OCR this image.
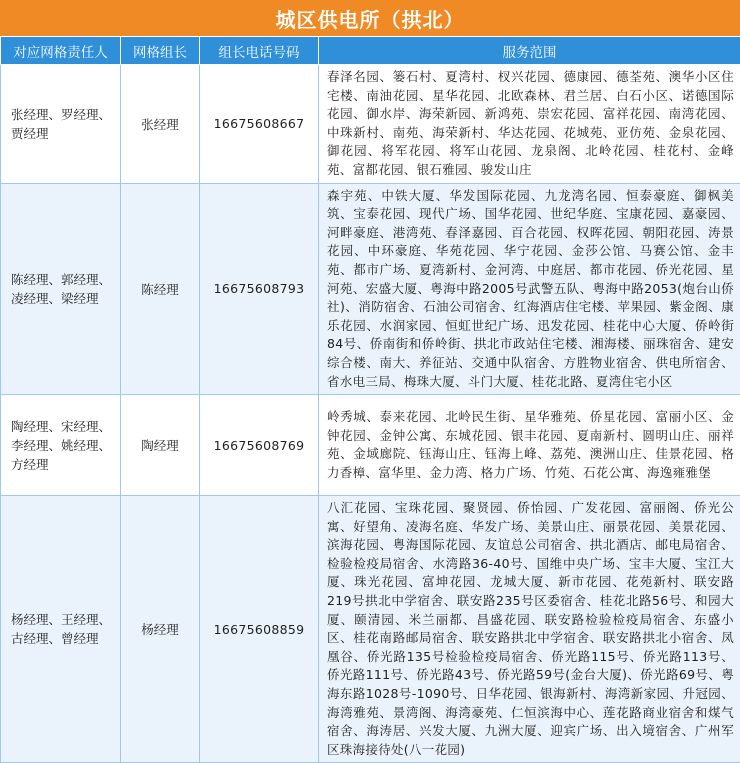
城区供电所（拱北）
对应网格责任人	网格组长	组长电话号码	服务范围

张经理、罗经理、
贾经理	张经理	16675608667	春泽名园、篓石村、夏湾村、杈兴花园、德康园、德荃苑、澳华小区住宅楼、南油花园、星华花园、北欧森林、君兰居、白石小区、诺德国际花园、御水岸、海荣新园、新鸿苑、崇宏花园、富祥花园、南湾花园、中珠新村、南苑、海荣新村、华达花园、花城苑、亚仿苑、金泉花园、御花园、将军花园、将军山花园、龙泉阁、北岭花园、桂花村、金峰苑、富都花园、银石雅园、骏发山庄

陈经理、郭经理、
凌经理、梁经理	陈经理	16675608793	森宇苑、中铁大厦、华发国际花园、九龙湾名园、恒泰豪庭、御枫美筑、宝泰花园、现代广场、国华花园、世纪华庭、宝康花园、嘉豪园、河畔豪庭、港湾苑、春泽嘉园、百合花园、权晖花园、朝阳花园、涛景花园、中环豪庭、华苑花园、华宁花园、金莎公馆、马赛公馆、金丰苑、都市广场、夏湾新村、金河湾、中庭居、都市花园、侨光花园、星河苑、宏盛大厦、粤海中路2005号武警五队、粤海中路2053(炮台山侨社)、消防宿舍、石油公司宿舍、红海酒店住宅楼、苹果园、紫金阁、康乐花园、水润家园、恒虹世纪广场、迅发花园、桂花中心大厦、侨岭街84号、侨南街和侨岭街、拱北市政站住宅楼、湘海楼、丽珠宿舍、建安综合楼、南大、养征站、交通中队宿舍、方胜物业宿舍、供电所宿舍、省水电三局、梅珠大厦、斗门大厦、桂花北路、夏湾住宅小区

陶经理、宋经理、
李经理、姚经理、
方经理	陶经理	16675608769	岭秀城、泰来花园、北岭民生街、星华雅苑、侨星花园、富丽小区、金钟花园、金钟公寓、东城花园、银丰花园、夏南新村、圆明山庄、丽祥苑、金域廊院、钰海山庄、钰海上峰、荔苑、澳洲山庄、佳景花园、格力香樟、富华里、金力湾、格力广场、竹苑、石花公寓、海逸雍雅堡

杨经理、王经理、
古经理、曾经理	杨经理	16675608859	八汇花园、宝珠花园、聚贤园、侨怡园、广发花园、富丽阁、侨光公寓、好望角、凌海名庭、华发广场、美景山庄、丽景花园、美景花园、滨海花园、粤海国际花园、友谊总公司宿舍、拱北酒店、邮电局宿舍、检验检疫局宿舍、水湾路36-40号、国维中央广场、宝丰大厦、宝江大厦、珠光花园、富坤花园、龙城大厦、新市花园、花苑新村、联安路219号拱北中学宿舍、联安路235号区委宿舍、桂花北路56号、和园大厦、颐清园、米兰丽都、昌盛花园、联安路检验检疫局宿舍、东盛小区、桂花南路邮局宿舍、联安路拱北中学宿舍、联安路拱北小宿舍、凤凰谷、侨光路135号检验检疫局宿舍、侨光路115号、侨光路113号、侨光路111号、侨光路43号、侨光路59号(金台大厦)、侨光路69号、粤海东路1028号-1090号、日华花园、银海新村、海湾新家园、升冠园、海湾雅苑、景湾阁、海湾豪苑、仁恒滨海中心、莲花路商业宿舍和煤气宿舍、海涛居、兴发大厦、九洲大厦、迎宾广场、出入境宿舍、广州军区珠海接待处(八一花园)
